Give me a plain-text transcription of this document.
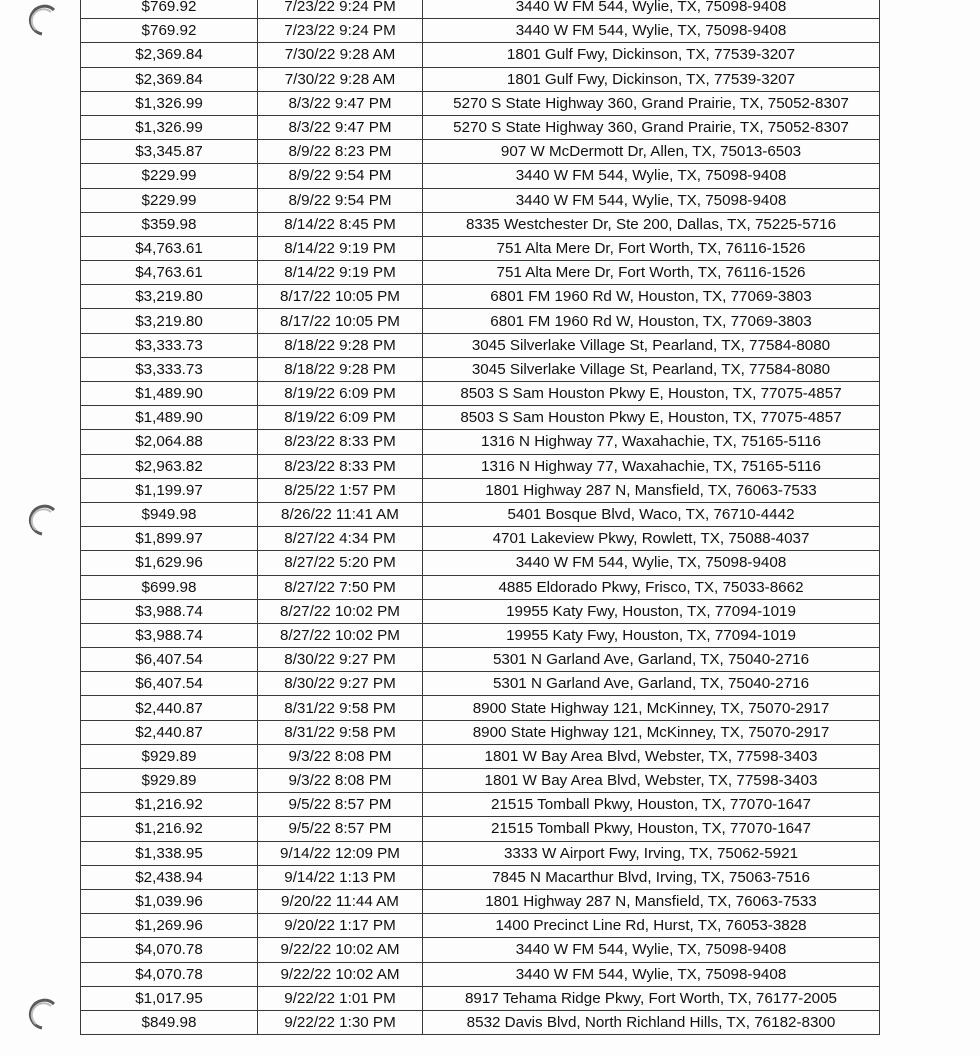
$769.92	7/23/22 9:24 PM	3440 W FM 544, Wylie, TX, 75098-9408
$769.92	7/23/22 9:24 PM	3440 W FM 544, Wylie, TX, 75098-9408
$2,369.84	7/30/22 9:28 AM	1801 Gulf Fwy, Dickinson, TX, 77539-3207
$2,369.84	7/30/22 9:28 AM	1801 Gulf Fwy, Dickinson, TX, 77539-3207
$1,326.99	8/3/22 9:47 PM	5270 S State Highway 360, Grand Prairie, TX, 75052-8307
$1,326.99	8/3/22 9:47 PM	5270 S State Highway 360, Grand Prairie, TX, 75052-8307
$3,345.87	8/9/22 8:23 PM	907 W McDermott Dr, Allen, TX, 75013-6503
$229.99	8/9/22 9:54 PM	3440 W FM 544, Wylie, TX, 75098-9408
$229.99	8/9/22 9:54 PM	3440 W FM 544, Wylie, TX, 75098-9408
$359.98	8/14/22 8:45 PM	8335 Westchester Dr, Ste 200, Dallas, TX, 75225-5716
$4,763.61	8/14/22 9:19 PM	751 Alta Mere Dr, Fort Worth, TX, 76116-1526
$4,763.61	8/14/22 9:19 PM	751 Alta Mere Dr, Fort Worth, TX, 76116-1526
$3,219.80	8/17/22 10:05 PM	6801 FM 1960 Rd W, Houston, TX, 77069-3803
$3,219.80	8/17/22 10:05 PM	6801 FM 1960 Rd W, Houston, TX, 77069-3803
$3,333.73	8/18/22 9:28 PM	3045 Silverlake Village St, Pearland, TX, 77584-8080
$3,333.73	8/18/22 9:28 PM	3045 Silverlake Village St, Pearland, TX, 77584-8080
$1,489.90	8/19/22 6:09 PM	8503 S Sam Houston Pkwy E, Houston, TX, 77075-4857
$1,489.90	8/19/22 6:09 PM	8503 S Sam Houston Pkwy E, Houston, TX, 77075-4857
$2,064.88	8/23/22 8:33 PM	1316 N Highway 77, Waxahachie, TX, 75165-5116
$2,963.82	8/23/22 8:33 PM	1316 N Highway 77, Waxahachie, TX, 75165-5116
$1,199.97	8/25/22 1:57 PM	1801 Highway 287 N, Mansfield, TX, 76063-7533
$949.98	8/26/22 11:41 AM	5401 Bosque Blvd, Waco, TX, 76710-4442
$1,899.97	8/27/22 4:34 PM	4701 Lakeview Pkwy, Rowlett, TX, 75088-4037
$1,629.96	8/27/22 5:20 PM	3440 W FM 544, Wylie, TX, 75098-9408
$699.98	8/27/22 7:50 PM	4885 Eldorado Pkwy, Frisco, TX, 75033-8662
$3,988.74	8/27/22 10:02 PM	19955 Katy Fwy, Houston, TX, 77094-1019
$3,988.74	8/27/22 10:02 PM	19955 Katy Fwy, Houston, TX, 77094-1019
$6,407.54	8/30/22 9:27 PM	5301 N Garland Ave, Garland, TX, 75040-2716
$6,407.54	8/30/22 9:27 PM	5301 N Garland Ave, Garland, TX, 75040-2716
$2,440.87	8/31/22 9:58 PM	8900 State Highway 121, McKinney, TX, 75070-2917
$2,440.87	8/31/22 9:58 PM	8900 State Highway 121, McKinney, TX, 75070-2917
$929.89	9/3/22 8:08 PM	1801 W Bay Area Blvd, Webster, TX, 77598-3403
$929.89	9/3/22 8:08 PM	1801 W Bay Area Blvd, Webster, TX, 77598-3403
$1,216.92	9/5/22 8:57 PM	21515 Tomball Pkwy, Houston, TX, 77070-1647
$1,216.92	9/5/22 8:57 PM	21515 Tomball Pkwy, Houston, TX, 77070-1647
$1,338.95	9/14/22 12:09 PM	3333 W Airport Fwy, Irving, TX, 75062-5921
$2,438.94	9/14/22 1:13 PM	7845 N Macarthur Blvd, Irving, TX, 75063-7516
$1,039.96	9/20/22 11:44 AM	1801 Highway 287 N, Mansfield, TX, 76063-7533
$1,269.96	9/20/22 1:17 PM	1400 Precinct Line Rd, Hurst, TX, 76053-3828
$4,070.78	9/22/22 10:02 AM	3440 W FM 544, Wylie, TX, 75098-9408
$4,070.78	9/22/22 10:02 AM	3440 W FM 544, Wylie, TX, 75098-9408
$1,017.95	9/22/22 1:01 PM	8917 Tehama Ridge Pkwy, Fort Worth, TX, 76177-2005
$849.98	9/22/22 1:30 PM	8532 Davis Blvd, North Richland Hills, TX, 76182-8300
